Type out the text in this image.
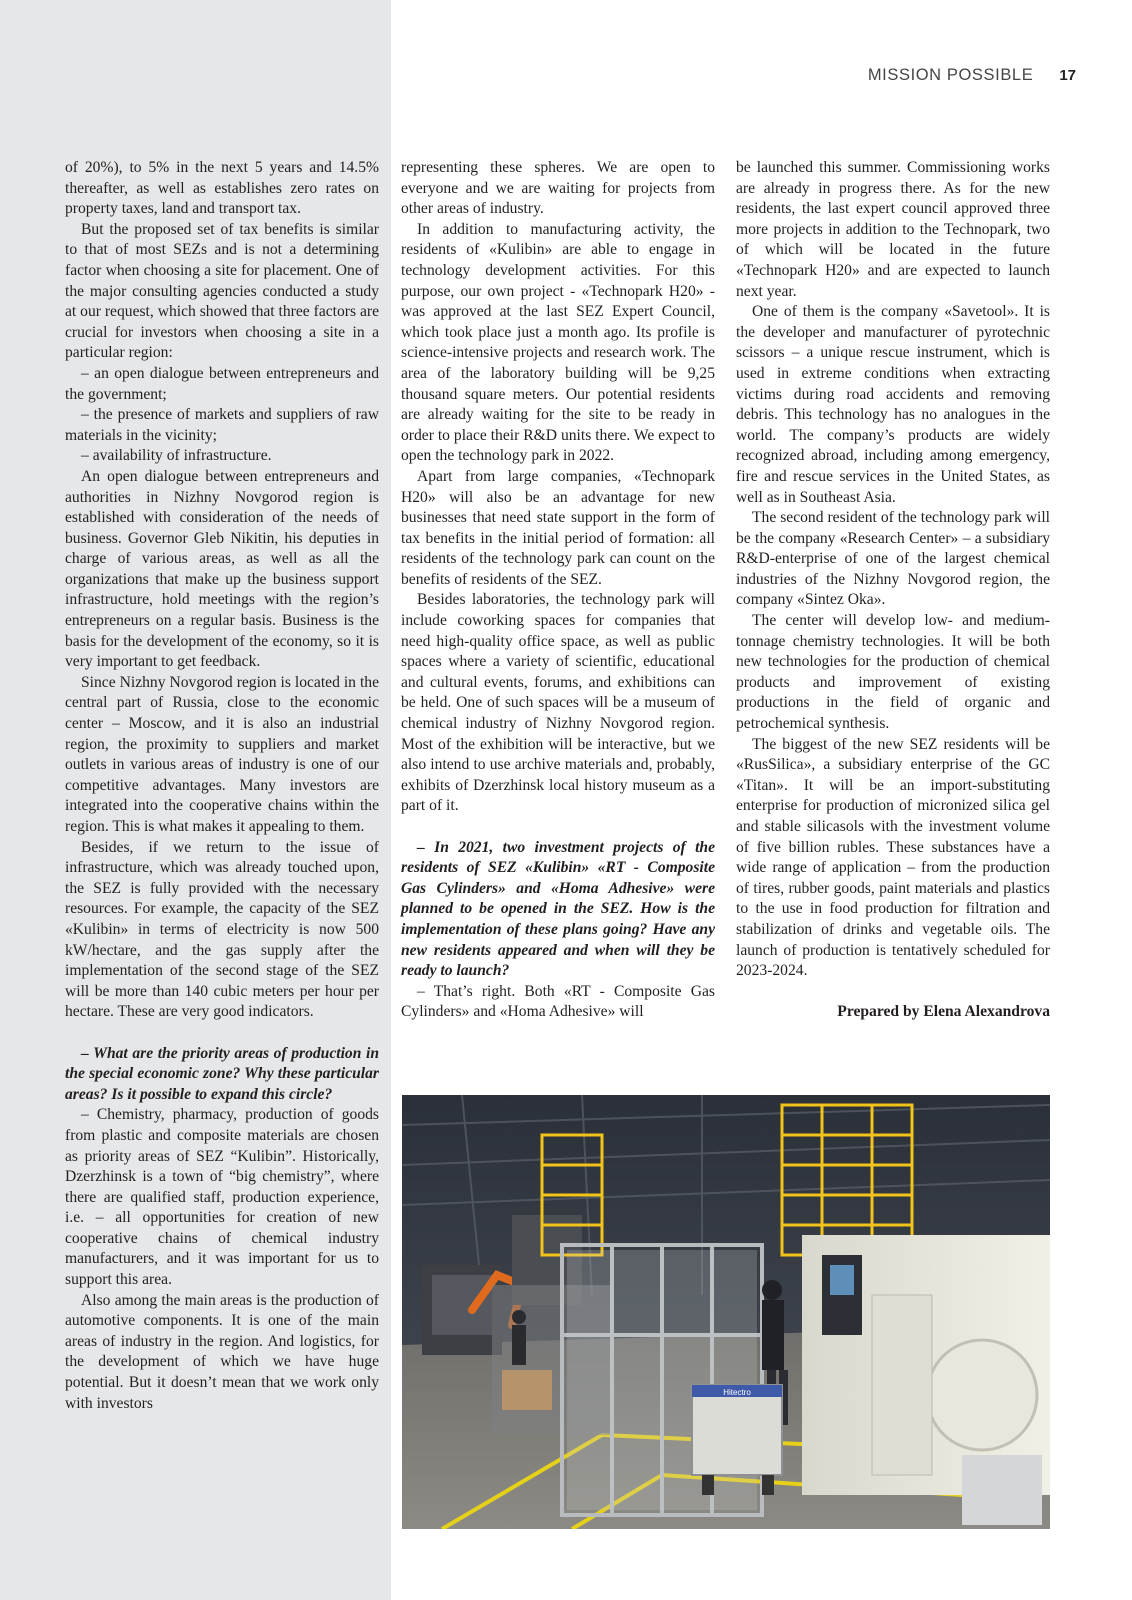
MISSION POSSIBLE 17

of 20%), to 5% in the next 5 years and 14.5% thereafter, as well as establishes zero rates on property taxes, land and transport tax.

But the proposed set of tax benefits is similar to that of most SEZs and is not a determining factor when choosing a site for placement. One of the major consulting agencies conducted a study at our request, which showed that three factors are crucial for investors when choosing a site in a particular region:

– an open dialogue between entrepreneurs and the government;

– the presence of markets and suppliers of raw materials in the vicinity;

– availability of infrastructure.

An open dialogue between entrepreneurs and authorities in Nizhny Novgorod region is established with consideration of the needs of business. Governor Gleb Nikitin, his deputies in charge of various areas, as well as all the organizations that make up the business support infrastructure, hold meetings with the region’s entrepreneurs on a regular basis. Business is the basis for the development of the economy, so it is very important to get feedback.

Since Nizhny Novgorod region is located in the central part of Russia, close to the economic center – Moscow, and it is also an industrial region, the proximity to suppliers and market outlets in various areas of industry is one of our competitive advantages. Many investors are integrated into the cooperative chains within the region. This is what makes it appealing to them.

Besides, if we return to the issue of infrastructure, which was already touched upon, the SEZ is fully provided with the necessary resources. For example, the capacity of the SEZ «Kulibin» in terms of electricity is now 500 kW/hectare, and the gas supply after the implementation of the second stage of the SEZ will be more than 140 cubic meters per hour per hectare. These are very good indicators.

– What are the priority areas of production in the special economic zone? Why these particular areas? Is it possible to expand this circle?

– Chemistry, pharmacy, production of goods from plastic and composite materials are chosen as priority areas of SEZ “Kulibin”. Historically, Dzerzhinsk is a town of “big chemistry”, where there are qualified staff, production experience, i.e. – all opportunities for creation of new cooperative chains of chemical industry manufacturers, and it was important for us to support this area.

Also among the main areas is the production of automotive components. It is one of the main areas of industry in the region. And logistics, for the development of which we have huge potential. But it doesn’t mean that we work only with investors

representing these spheres. We are open to everyone and we are waiting for projects from other areas of industry.

In addition to manufacturing activity, the residents of «Kulibin» are able to engage in technology development activities. For this purpose, our own project - «Technopark H20» - was approved at the last SEZ Expert Council, which took place just a month ago. Its profile is science-intensive projects and research work. The area of the laboratory building will be 9,25 thousand square meters. Our potential residents are already waiting for the site to be ready in order to place their R&D units there. We expect to open the technology park in 2022.

Apart from large companies, «Technopark H20» will also be an advantage for new businesses that need state support in the form of tax benefits in the initial period of formation: all residents of the technology park can count on the benefits of residents of the SEZ.

Besides laboratories, the technology park will include coworking spaces for companies that need high-quality office space, as well as public spaces where a variety of scientific, educational and cultural events, forums, and exhibitions can be held. One of such spaces will be a museum of chemical industry of Nizhny Novgorod region. Most of the exhibition will be interactive, but we also intend to use archive materials and, probably, exhibits of Dzerzhinsk local history museum as a part of it.

– In 2021, two investment projects of the residents of SEZ «Kulibin» «RT - Composite Gas Cylinders» and «Homa Adhesive» were planned to be opened in the SEZ. How is the implementation of these plans going? Have any new residents appeared and when will they be ready to launch?

– That’s right. Both «RT - Composite Gas Cylinders» and «Homa Adhesive» will

be launched this summer. Commissioning works are already in progress there. As for the new residents, the last expert council approved three more projects in addition to the Technopark, two of which will be located in the future «Technopark H20» and are expected to launch next year.

One of them is the company «Savetool». It is the developer and manufacturer of pyrotechnic scissors – a unique rescue instrument, which is used in extreme conditions when extracting victims during road accidents and removing debris. This technology has no analogues in the world. The company’s products are widely recognized abroad, including among emergency, fire and rescue services in the United States, as well as in Southeast Asia.

The second resident of the technology park will be the company «Research Center» – a subsidiary R&D-enterprise of one of the largest chemical industries of the Nizhny Novgorod region, the company «Sintez Oka».

The center will develop low- and medium-tonnage chemistry technologies. It will be both new technologies for the production of chemical products and improvement of existing productions in the field of organic and petrochemical synthesis.

The biggest of the new SEZ residents will be «RusSilica», a subsidiary enterprise of the GC «Titan». It will be an import-substituting enterprise for production of micronized silica gel and stable silicasols with the investment volume of five billion rubles. These substances have a wide range of application – from the production of tires, rubber goods, paint materials and plastics to the use in food production for filtration and stabilization of drinks and vegetable oils. The launch of production is tentatively scheduled for 2023-2024.

Prepared by Elena Alexandrova
Hitectro
